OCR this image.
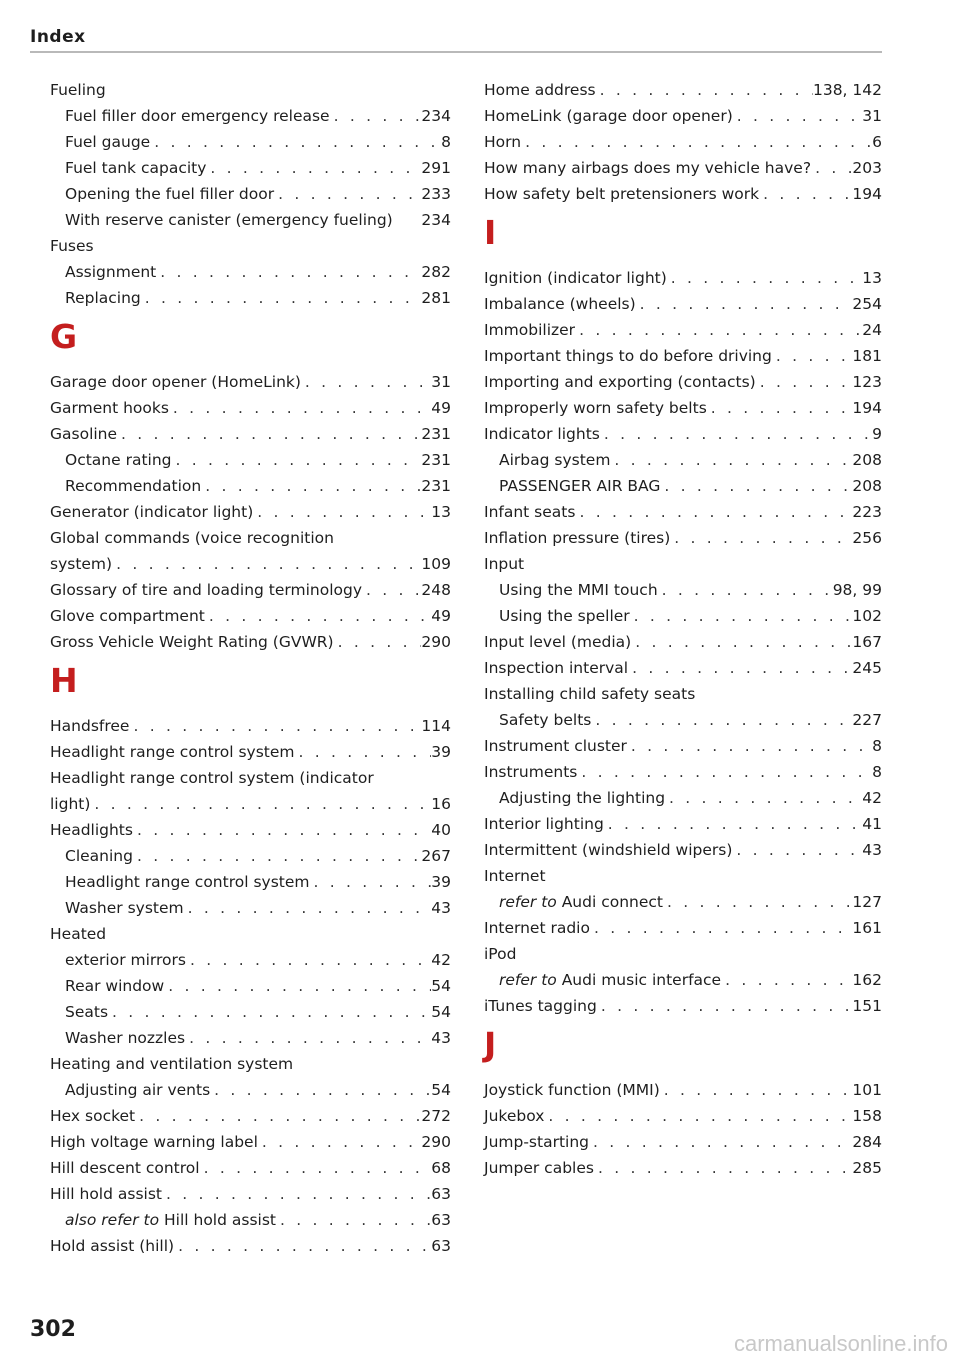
Index
Fueling
Fuel filler door emergency release . . .	234
Fuel gauge . . .	8
Fuel tank capacity . . .	291
Opening the fuel filler door . . .	233
With reserve canister (emergency fueling) 234
Fuses
Assignment . . .	282
Replacing . . .	281
G
Garage door opener (HomeLink) . . .	31
Garment hooks . . .	49
Gasoline . . .	231
Octane rating . . .	231
Recommendation . . .	231
Generator (indicator light) . . .	13
Global commands (voice recognition
system) . . .	109
Glossary of tire and loading terminology . . .	248
Glove compartment . . .	49
Gross Vehicle Weight Rating (GVWR) . . .	290
H
Handsfree . . .	114
Headlight range control system . . .	39
Headlight range control system (indicator
light) . . .	16
Headlights . . .	40
Cleaning . . .	267
Headlight range control system . . .	39
Washer system . . .	43
Heated
exterior mirrors . . .	42
Rear window . . .	54
Seats . . .	54
Washer nozzles . . .	43
Heating and ventilation system
Adjusting air vents . . .	54
Hex socket . . .	272
High voltage warning label . . .	290
Hill descent control . . .	68
Hill hold assist . . .	63
also refer to Hill hold assist . . .	63
Hold assist (hill) . . .	63
Home address . . .	138, 142
HomeLink (garage door opener) . . .	31
Horn . . .	6
How many airbags does my vehicle have? . . .	203
How safety belt pretensioners work . . .	194
I
Ignition (indicator light) . . .	13
Imbalance (wheels) . . .	254
Immobilizer . . .	24
Important things to do before driving . . .	181
Importing and exporting (contacts) . . .	123
Improperly worn safety belts . . .	194
Indicator lights . . .	9
Airbag system . . .	208
PASSENGER AIR BAG . . .	208
Infant seats . . .	223
Inflation pressure (tires) . . .	256
Input
Using the MMI touch . . .	98, 99
Using the speller . . .	102
Input level (media) . . .	167
Inspection interval . . .	245
Installing child safety seats
Safety belts . . .	227
Instrument cluster . . .	8
Instruments . . .	8
Adjusting the lighting . . .	42
Interior lighting . . .	41
Intermittent (windshield wipers) . . .	43
Internet
refer to Audi connect . . .	127
Internet radio . . .	161
iPod
refer to Audi music interface . . .	162
iTunes tagging . . .	151
J
Joystick function (MMI) . . .	101
Jukebox . . .	158
Jump-starting . . .	284
Jumper cables . . .	285
302
carmanualsonline.info
